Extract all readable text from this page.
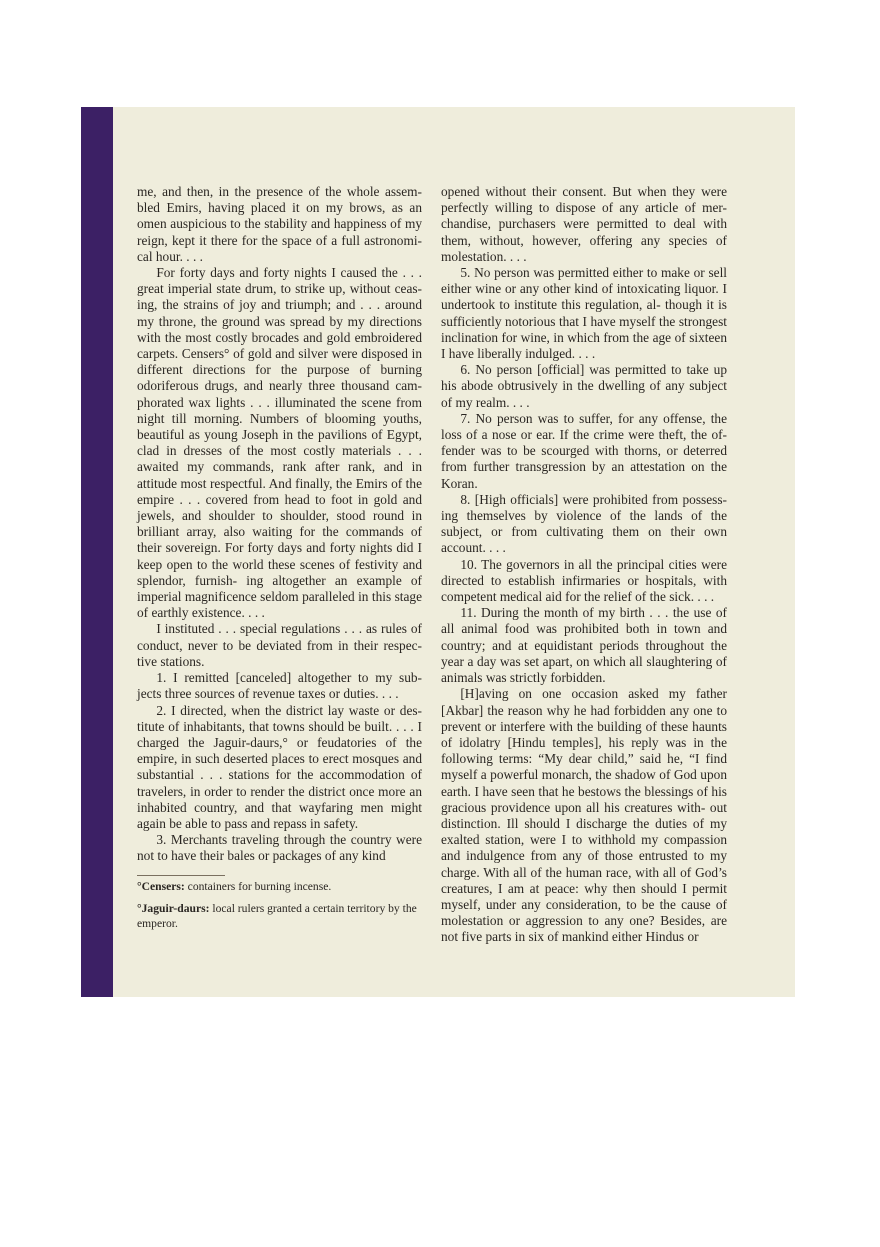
me, and then, in the presence of the whole assem- bled Emirs, having placed it on my brows, as an omen auspicious to the stability and happiness of my reign, kept it there for the space of a full astronomi- cal hour. . . .

For forty days and forty nights I caused the . . . great imperial state drum, to strike up, without ceas- ing, the strains of joy and triumph; and . . . around my throne, the ground was spread by my directions with the most costly brocades and gold embroidered carpets. Censers° of gold and silver were disposed in different directions for the purpose of burning odoriferous drugs, and nearly three thousand cam- phorated wax lights . . . illuminated the scene from night till morning. Numbers of blooming youths, beautiful as young Joseph in the pavilions of Egypt, clad in dresses of the most costly materials . . . awaited my commands, rank after rank, and in attitude most respectful. And finally, the Emirs of the empire . . . covered from head to foot in gold and jewels, and shoulder to shoulder, stood round in brilliant array, also waiting for the commands of their sovereign. For forty days and forty nights did I keep open to the world these scenes of festivity and splendor, furnish- ing altogether an example of imperial magnificence seldom paralleled in this stage of earthly existence. . . .

I instituted . . . special regulations . . . as rules of conduct, never to be deviated from in their respec- tive stations.

1. I remitted [canceled] altogether to my sub- jects three sources of revenue taxes or duties. . . .

2. I directed, when the district lay waste or des- titute of inhabitants, that towns should be built. . . . I charged the Jaguir-daurs,° or feudatories of the empire, in such deserted places to erect mosques and substantial . . . stations for the accommodation of travelers, in order to render the district once more an inhabited country, and that wayfaring men might again be able to pass and repass in safety.

3. Merchants traveling through the country were not to have their bales or packages of any kind

°Censers: containers for burning incense.
°Jaguir-daurs: local rulers granted a certain territory by the emperor.

opened without their consent. But when they were perfectly willing to dispose of any article of mer- chandise, purchasers were permitted to deal with them, without, however, offering any species of molestation. . . .

5. No person was permitted either to make or sell either wine or any other kind of intoxicating liquor. I undertook to institute this regulation, al- though it is sufficiently notorious that I have myself the strongest inclination for wine, in which from the age of sixteen I have liberally indulged. . . .

6. No person [official] was permitted to take up his abode obtrusively in the dwelling of any subject of my realm. . . .

7. No person was to suffer, for any offense, the loss of a nose or ear. If the crime were theft, the of- fender was to be scourged with thorns, or deterred from further transgression by an attestation on the Koran.

8. [High officials] were prohibited from possess- ing themselves by violence of the lands of the subject, or from cultivating them on their own account. . . .

10. The governors in all the principal cities were directed to establish infirmaries or hospitals, with competent medical aid for the relief of the sick. . . .

11. During the month of my birth . . . the use of all animal food was prohibited both in town and country; and at equidistant periods throughout the year a day was set apart, on which all slaughtering of animals was strictly forbidden.

[H]aving on one occasion asked my father [Akbar] the reason why he had forbidden any one to prevent or interfere with the building of these haunts of idolatry [Hindu temples], his reply was in the following terms: “My dear child,” said he, “I find myself a powerful monarch, the shadow of God upon earth. I have seen that he bestows the blessings of his gracious providence upon all his creatures with- out distinction. Ill should I discharge the duties of my exalted station, were I to withhold my compassion and indulgence from any of those entrusted to my charge. With all of the human race, with all of God’s creatures, I am at peace: why then should I permit myself, under any consideration, to be the cause of molestation or aggression to any one? Besides, are not five parts in six of mankind either Hindus or
